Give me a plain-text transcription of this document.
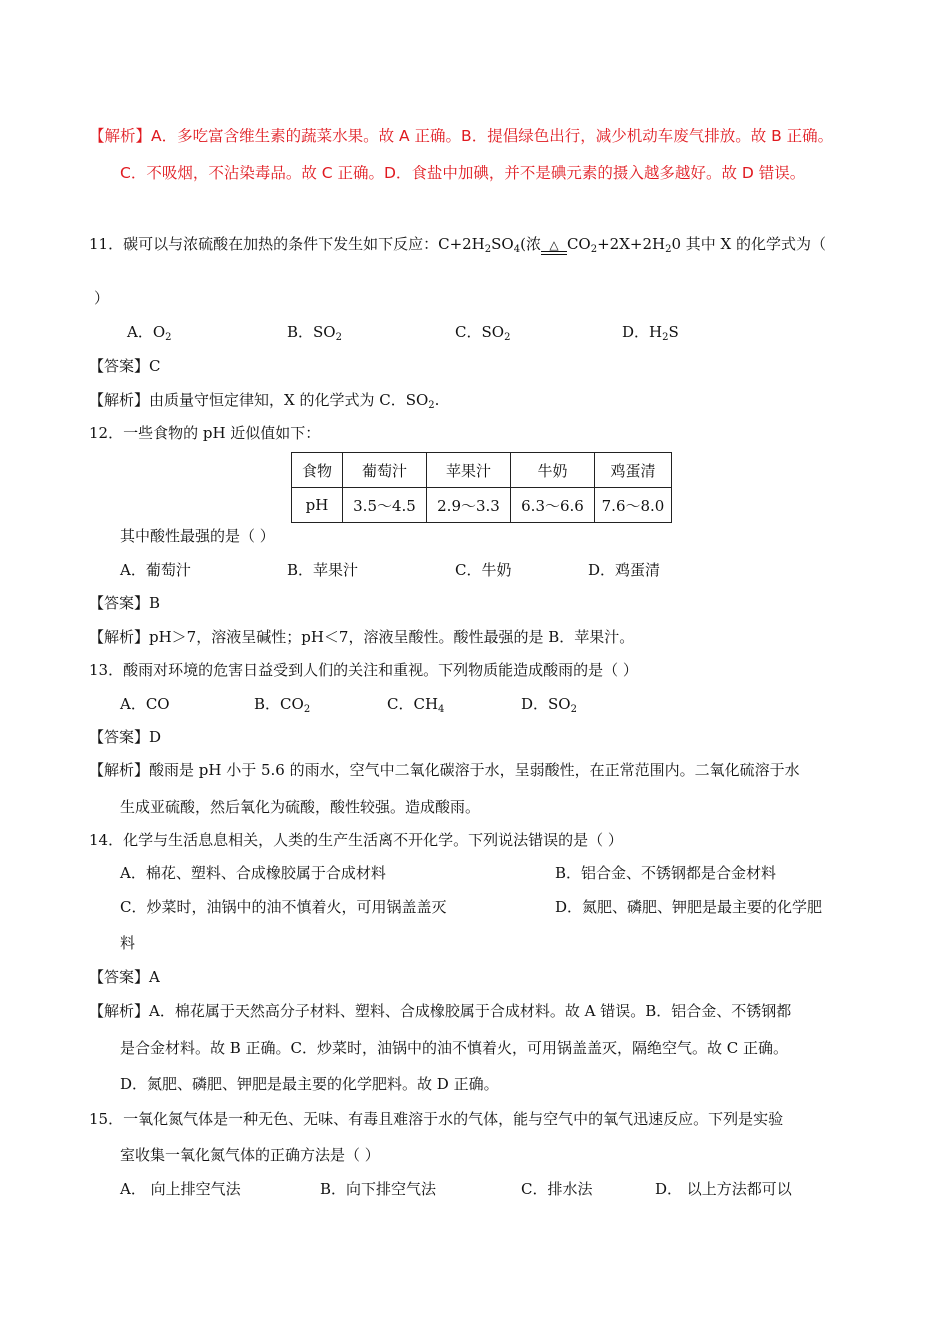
【解析】A．多吃富含维生素的蔬菜水果。故 A 正确。B．提倡绿色出行，减少机动车废气排放。故 B 正确。
C．不吸烟，不沾染毒品。故 C 正确。D．食盐中加碘，并不是碘元素的摄入越多越好。故 D 错误。
11．碳可以与浓硫酸在加热的条件下发生如下反应：$C+2H_2SO_4$(浓 △ $CO_2+2X+2H_20$ 其中 X 的化学式为（
）
A．$O_2$	B．$SO_2$	C．$SO_2$	D．$H_2S$
【答案】C
【解析】由质量守恒定律知，X 的化学式为 C．$SO_2$.
12．一些食物的 pH 近似值如下：
食物	葡萄汁	苹果汁	牛奶	鸡蛋清
pH	3.5～4.5	2.9～3.3	6.3～6.6	7.6～8.0
其中酸性最强的是（ ）
A．葡萄汁	B．苹果汁	C．牛奶	D．鸡蛋清
【答案】B
【解析】pH＞7，溶液呈碱性；pH＜7，溶液呈酸性。酸性最强的是 B．苹果汁。
13．酸雨对环境的危害日益受到人们的关注和重视。下列物质能造成酸雨的是（ ）
A．CO	B．$CO_2$	C．$CH_4$	D．$SO_2$
【答案】D
【解析】酸雨是 pH 小于 5.6 的雨水，空气中二氧化碳溶于水，呈弱酸性，在正常范围内。二氧化硫溶于水
生成亚硫酸，然后氧化为硫酸，酸性较强。造成酸雨。
14．化学与生活息息相关，人类的生产生活离不开化学。下列说法错误的是（ ）
A．棉花、塑料、合成橡胶属于合成材料	B．铝合金、不锈钢都是合金材料
C．炒菜时，油锅中的油不慎着火，可用锅盖盖灭	D．氮肥、磷肥、钾肥是最主要的化学肥
料
【答案】A
【解析】A．棉花属于天然高分子材料、塑料、合成橡胶属于合成材料。故 A 错误。B．铝合金、不锈钢都
是合金材料。故 B 正确。C．炒菜时，油锅中的油不慎着火，可用锅盖盖灭，隔绝空气。故 C 正确。
D．氮肥、磷肥、钾肥是最主要的化学肥料。故 D 正确。
15．一氧化氮气体是一种无色、无味、有毒且难溶于水的气体，能与空气中的氧气迅速反应。下列是实验
室收集一氧化氮气体的正确方法是（ ）
A． 向上排空气法	B．向下排空气法	C．排水法	D． 以上方法都可以
